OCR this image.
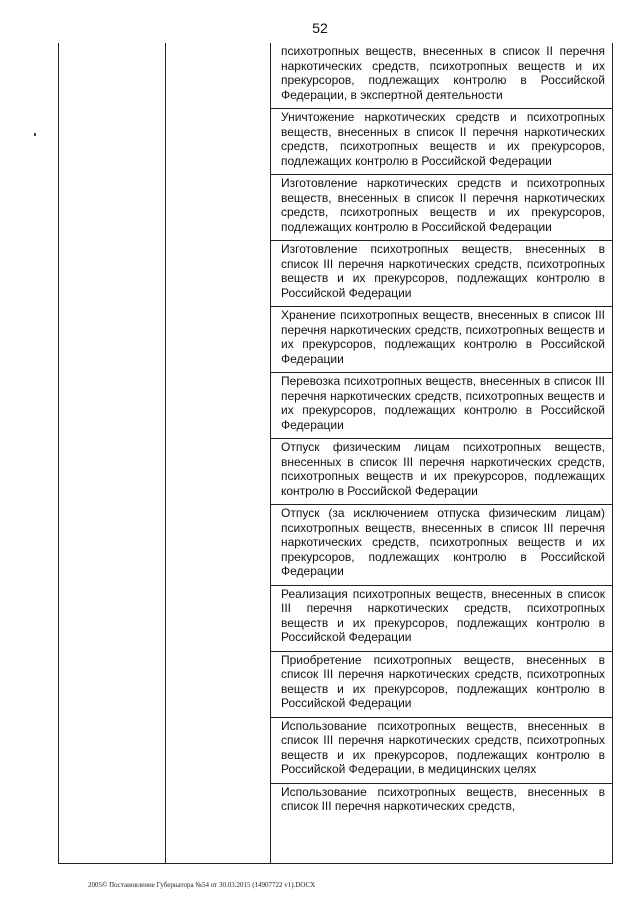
52
психотропных веществ, внесенных в список II перечня наркотических средств, психотропных веществ и их прекурсоров, подлежащих контролю в Российской Федерации, в экспертной деятельности
Уничтожение наркотических средств и психотропных веществ, внесенных в список II перечня наркотических средств, психотропных веществ и их прекурсоров, подлежащих контролю в Российской Федерации
Изготовление наркотических средств и психотропных веществ, внесенных в список II перечня наркотических средств, психотропных веществ и их прекурсоров, подлежащих контролю в Российской Федерации
Изготовление психотропных веществ, внесенных в список III перечня наркотических средств, психотропных веществ и их прекурсоров, подлежащих контролю в Российской Федерации
Хранение психотропных веществ, внесенных в список III перечня наркотических средств, психотропных веществ и их прекурсоров, подлежащих контролю в Российской Федерации
Перевозка психотропных веществ, внесенных в список III перечня наркотических средств, психотропных веществ и их прекурсоров, подлежащих контролю в Российской Федерации
Отпуск физическим лицам психотропных веществ, внесенных в список III перечня наркотических средств, психотропных веществ и их прекурсоров, подлежащих контролю в Российской Федерации
Отпуск (за исключением отпуска физическим лицам) психотропных веществ, внесенных в список III перечня наркотических средств, психотропных веществ и их прекурсоров, подлежащих контролю в Российской Федерации
Реализация психотропных веществ, внесенных в список III перечня наркотических средств, психотропных веществ и их прекурсоров, подлежащих контролю в Российской Федерации
Приобретение психотропных веществ, внесенных в список III перечня наркотических средств, психотропных веществ и их прекурсоров, подлежащих контролю в Российской Федерации
Использование психотропных веществ, внесенных в список III перечня наркотических средств, психотропных веществ и их прекурсоров, подлежащих контролю в Российской Федерации, в медицинских целях
Использование психотропных веществ, внесенных в список III перечня наркотических средств,
2005© Постановление Губернатора №54 от 30.03.2015 (14907722 v1).DOCX
